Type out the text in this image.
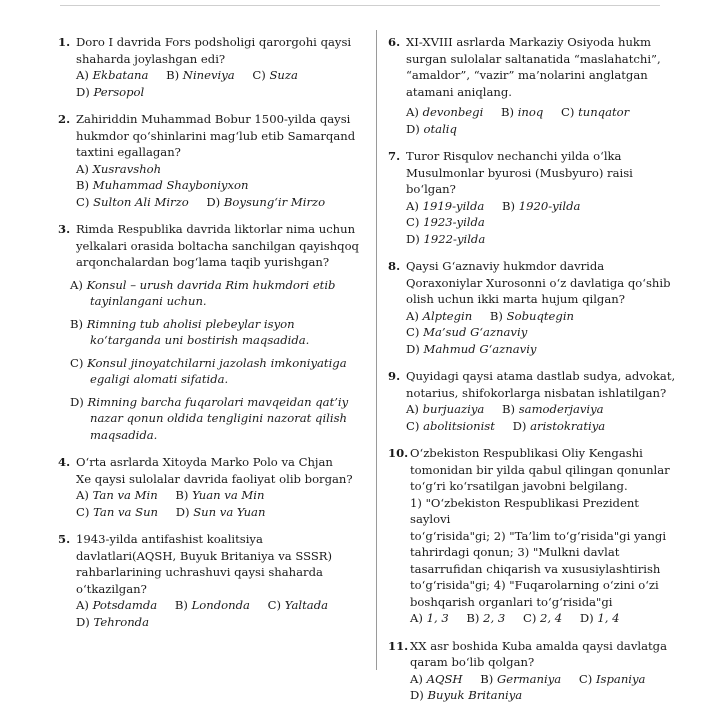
1. Doro I davrida Fors podsholigi qarorgohi qaysi
shaharda joylashgan edi?
A) Ekbatana B) Nineviya C) Suza
D) Persopol
2. Zahiriddin Muhammad Bobur 1500-yilda qaysi
hukmdor qo‘shinlarini mag‘lub etib Samarqand
taxtini egallagan?
A) Xusravshoh
B) Muhammad Shayboniyxon
C) Sulton Ali Mirzo D) Boysung‘ir Mirzo
3. Rimda Respublika davrida liktorlar nima uchun
yelkalari orasida boltacha sanchilgan qayishqoq
arqonchalardan bog‘lama taqib yurishgan?
A) Konsul – urush davrida Rim hukmdori etib
tayinlangani uchun.
B) Rimning tub aholisi plebeylar isyon
ko‘targanda uni bostirish maqsadida.
C) Konsul jinoyatchilarni jazolash imkoniyatiga
egaligi alomati sifatida.
D) Rimning barcha fuqarolari mavqeidan qat’iy
nazar qonun oldida tengligini nazorat qilish
maqsadida.
4. O‘rta asrlarda Xitoyda Marko Polo va Chjan
Xe qaysi sulolalar davrida faoliyat olib borgan?
A) Tan va Min B) Yuan va Min
C) Tan va Sun D) Sun va Yuan
5. 1943-yilda antifashist koalitsiya
davlatlari(AQSH, Buyuk Britaniya va SSSR)
rahbarlarining uchrashuvi qaysi shaharda
o‘tkazilgan?
A) Potsdamda B) Londonda C) Yaltada
D) Tehronda
6. XI-XVIII asrlarda Markaziy Osiyoda hukm
surgan sulolalar saltanatida “maslahatchi”,
“amaldor”, “vazir” ma’nolarini anglatgan
atamani aniqlang.
A) devonbegi B) inoq C) tunqator
D) otaliq
7. Turor Risqulov nechanchi yilda o‘lka
Musulmonlar byurosi (Musbyuro) raisi bo‘lgan?
A) 1919-yilda B) 1920-yilda C) 1923-yilda
D) 1922-yilda
8. Qaysi G‘aznaviy hukmdor davrida
Qoraxoniylar Xurosonni o‘z davlatiga qo‘shib
olish uchun ikki marta hujum qilgan?
A) Alptegin B) Sobuqtegin
C) Ma’sud G‘aznaviy D) Mahmud G‘aznaviy
9. Quyidagi qaysi atama dastlab sudya, advokat,
notarius, shifokorlarga nisbatan ishlatilgan?
A) burjuaziya B) samoderjaviya
C) abolitsionist D) aristokratiya
10. O‘zbekiston Respublikasi Oliy Kengashi
tomonidan bir yilda qabul qilingan qonunlar
to‘g‘ri ko‘rsatilgan javobni belgilang.
1) "O‘zbekiston Respublikasi Prezident saylovi
to‘g‘risida"gi; 2) "Ta’lim to‘g‘risida"gi yangi
tahrirdagi qonun; 3) "Mulkni davlat
tasarrufidan chiqarish va xususiylashtirish
to‘g‘risida"gi; 4) "Fuqarolarning o‘zini o‘zi
boshqarish organlari to‘g‘risida"gi
A) 1, 3 B) 2, 3 C) 2, 4 D) 1, 4
11. XX asr boshida Kuba amalda qaysi davlatga
qaram bo‘lib qolgan?
A) AQSH B) Germaniya C) Ispaniya
D) Buyuk Britaniya
